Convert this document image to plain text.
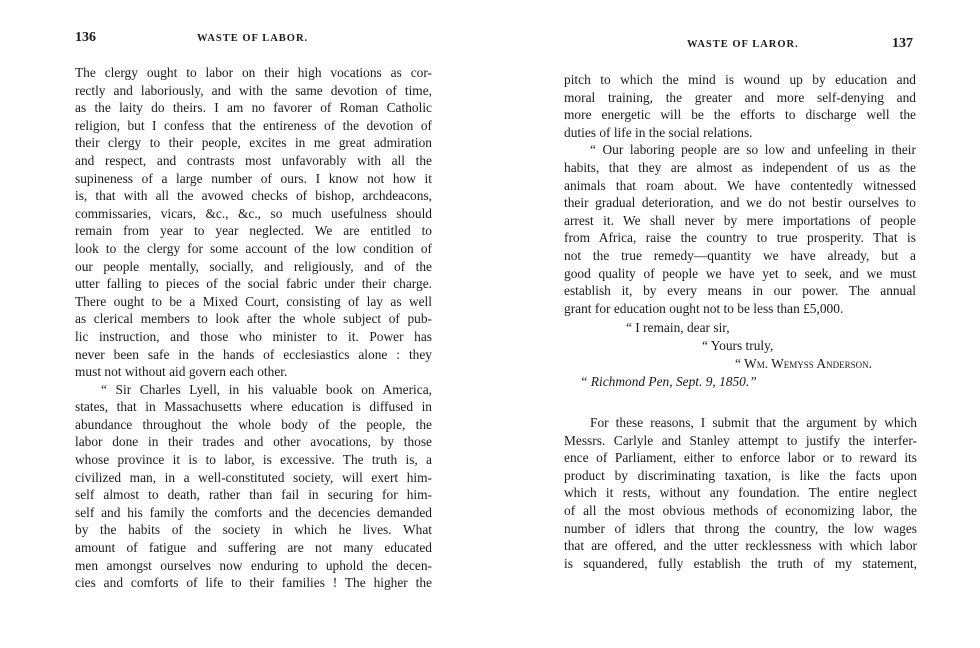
136	WASTE OF LABOR.
The clergy ought to labor on their high vocations as cor-
rectly and laboriously, and with the same devotion of time,
as the laity do theirs. I am no favorer of Roman Catholic
religion, but I confess that the entireness of the devotion of
their clergy to their people, excites in me great admiration
and respect, and contrasts most unfavorably with all the
supineness of a large number of ours. I know not how it
is, that with all the avowed checks of bishop, archdeacons,
commissaries, vicars, &c., &c., so much usefulness should
remain from year to year neglected. We are entitled to
look to the clergy for some account of the low condition of
our people mentally, socially, and religiously, and of the
utter falling to pieces of the social fabric under their charge.
There ought to be a Mixed Court, consisting of lay as well
as clerical members to look after the whole subject of pub-
lic instruction, and those who minister to it. Power has
never been safe in the hands of ecclesiastics alone : they
must not without aid govern each other.
“ Sir Charles Lyell, in his valuable book on America,
states, that in Massachusetts where education is diffused in
abundance throughout the whole body of the people, the
labor done in their trades and other avocations, by those
whose province it is to labor, is excessive. The truth is, a
civilized man, in a well-constituted society, will exert him-
self almost to death, rather than fail in securing for him-
self and his family the comforts and the decencies demanded
by the habits of the society in which he lives. What
amount of fatigue and suffering are not many educated
men amongst ourselves now enduring to uphold the decen-
cies and comforts of life to their families ! The higher the
WASTE OF LAROR.	137
pitch to which the mind is wound up by education and
moral training, the greater and more self-denying and
more energetic will be the efforts to discharge well the
duties of life in the social relations.
“ Our laboring people are so low and unfeeling in their
habits, that they are almost as independent of us as the
animals that roam about. We have contentedly witnessed
their gradual deterioration, and we do not bestir ourselves to
arrest it. We shall never by mere importations of people
from Africa, raise the country to true prosperity. That is
not the true remedy—quantity we have already, but a
good quality of people we have yet to seek, and we must
establish it, by every means in our power. The annual
grant for education ought not to be less than £5,000.
“ I remain, dear sir,
“ Yours truly,
“ Wm. Wemyss Anderson.
“ Richmond Pen, Sept. 9, 1850.”
For these reasons, I submit that the argument by which
Messrs. Carlyle and Stanley attempt to justify the interfer-
ence of Parliament, either to enforce labor or to reward its
product by discriminating taxation, is like the facts upon
which it rests, without any foundation. The entire neglect
of all the most obvious methods of economizing labor, the
number of idlers that throng the country, the low wages
that are offered, and the utter recklessness with which labor
is squandered, fully establish the truth of my statement,
